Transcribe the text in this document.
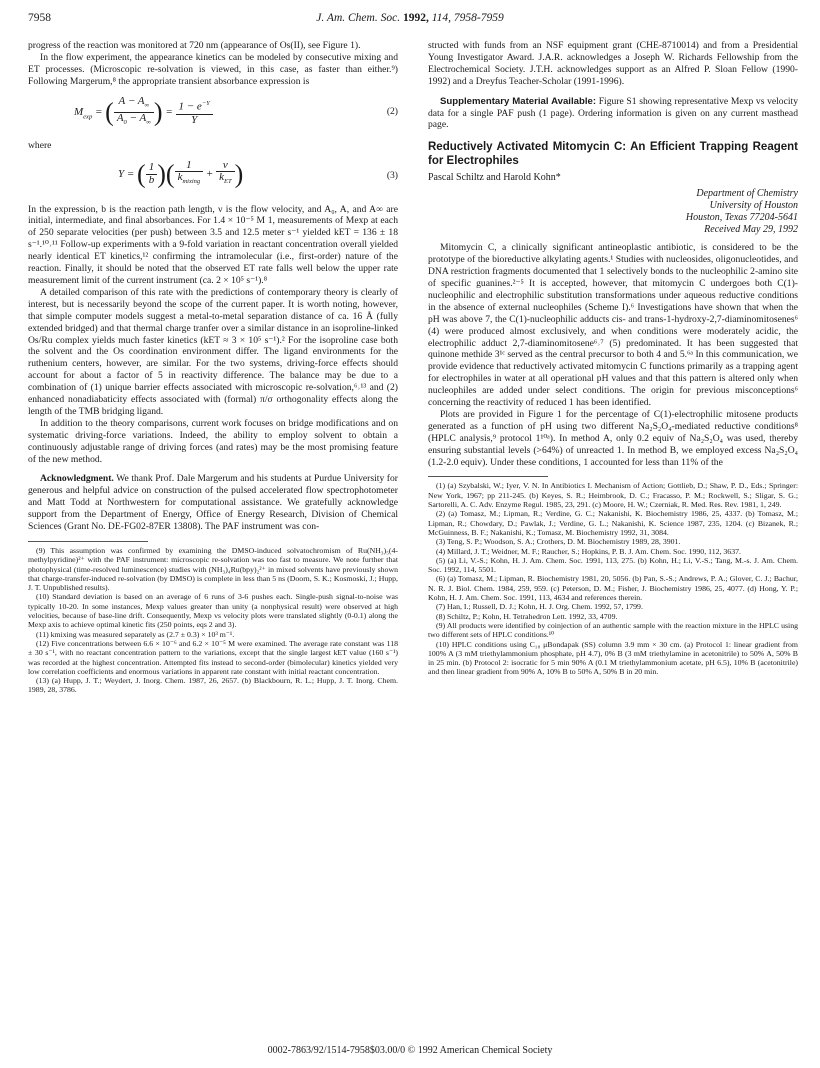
7958	J. Am. Chem. Soc. 1992, 114, 7958-7959

progress of the reaction was monitored at 720 nm (appearance of Os(II), see Figure 1).

In the flow experiment, the appearance kinetics can be modeled by consecutive mixing and ET processes. (Microscopic re-solvation is viewed, in this case, as faster than either.⁹) Following Margerum,⁸ the appropriate transient absorbance expression is

$M_{exp}$ = ( $\frac{A - A_\infty}{A_0 - A_\infty}$ ) = $\frac{1 - e^{-Y}}{Y}$	(2)

where

Y = ( $\frac{1}{b}$ )( $\frac{1}{k_{mixing}} + \frac{\nu}{k_{ET}}$ )	(3)

In the expression, b is the reaction path length, ν is the flow velocity, and A₀, A, and A∞ are initial, intermediate, and final absorbances. For 1.4 × 10⁻⁵ M 1, measurements of Mexp at each of 250 separate velocities (per push) between 3.5 and 12.5 meter s⁻¹ yielded kET = 136 ± 18 s⁻¹.¹⁰˒¹¹ Follow-up experiments with a 9-fold variation in reactant concentration overall yielded nearly identical ET kinetics,¹² confirming the intramolecular (i.e., first-order) nature of the reaction. Finally, it should be noted that the observed ET rate falls well below the upper rate measurement limit of the current instrument (ca. 2 × 10⁵ s⁻¹).⁸

A detailed comparison of this rate with the predictions of contemporary theory is clearly of interest, but is necessarily beyond the scope of the current paper. It is worth noting, however, that simple computer models suggest a metal-to-metal separation distance of ca. 16 Å (fully extended bridged) and that thermal charge tranfer over a similar distance in an isoproline-linked Os/Ru complex yields much faster kinetics (kET ≈ 3 × 10⁵ s⁻¹).² For the isoproline case both the solvent and the Os coordination environment differ. The ligand environments for the ruthenium centers, however, are similar. For the two systems, driving-force effects should account for about a factor of 5 in reactivity difference. The balance may be due to a combination of (1) unique barrier effects associated with microscopic re-solvation,⁶˒¹³ and (2) enhanced nonadiabaticity effects associated with (formal) π/σ orthogonality effects along the length of the TMB bridging ligand.

In addition to the theory comparisons, current work focuses on bridge modifications and on systematic driving-force variations. Indeed, the ability to employ solvent to obtain a continuously adjustable range of driving forces (and rates) may be the most promising feature of the new method.

Acknowledgment. We thank Prof. Dale Margerum and his students at Purdue University for generous and helpful advice on construction of the pulsed accelerated flow spectrophotometer and Matt Todd at Northwestern for computational assistance. We gratefully acknowledge support from the Department of Energy, Office of Energy Research, Division of Chemical Sciences (Grant No. DE-FG02-87ER 13808). The PAF instrument was con-

(9) This assumption was confirmed by examining the DMSO-induced solvatochromism of Ru(NH₃)₅(4-methylpyridine)²⁺ with the PAF instrument: microscopic re-solvation was too fast to measure. We note further that photophysical (time-resolved luminescence) studies with (NH₃)₄Ru(bpy)₂²⁺ in mixed solvents have previously shown that charge-transfer-induced re-solvation (by DMSO) is complete in less than 5 ns (Doorn, S. K.; Kosmoski, J.; Hupp, J. T. Unpublished results).

(10) Standard deviation is based on an average of 6 runs of 3-6 pushes each. Single-push signal-to-noise was typically 10-20. In some instances, Mexp values greater than unity (a nonphysical result) were observed at high velocities, because of base-line drift. Consequently, Mexp vs velocity plots were translated slightly (0-0.1) along the Mexp axis to achieve optimal kinetic fits (250 points, eqs 2 and 3).

(11) kmixing was measured separately as (2.7 ± 0.3) × 10³ m⁻¹.

(12) Five concentrations between 6.6 × 10⁻⁶ and 6.2 × 10⁻⁵ M were examined. The average rate constant was 118 ± 30 s⁻¹, with no reactant concentration pattern to the variations, except that the single largest kET value (160 s⁻¹) was recorded at the highest concentration. Attempted fits instead to second-order (bimolecular) kinetics yielded very low correlation coefficients and enormous variations in apparent rate constant with initial reactant concentration.

(13) (a) Hupp, J. T.; Weydert, J. Inorg. Chem. 1987, 26, 2657. (b) Blackbourn, R. L.; Hupp, J. T. Inorg. Chem. 1989, 28, 3786.

structed with funds from an NSF equipment grant (CHE-8710014) and from a Presidential Young Investigator Award. J.A.R. acknowledges a Joseph W. Richards Fellowship from the Electrochemical Society. J.T.H. acknowledges support as an Alfred P. Sloan Fellow (1990-1992) and a Dreyfus Teacher-Scholar (1991-1996).

Supplementary Material Available: Figure S1 showing representative Mexp vs velocity data for a single PAF push (1 page). Ordering information is given on any current masthead page.

Reductively Activated Mitomycin C: An Efficient Trapping Reagent for Electrophiles
Pascal Schiltz and Harold Kohn*
Department of Chemistry
University of Houston
Houston, Texas 77204-5641
Received May 29, 1992

Mitomycin C, a clinically significant antineoplastic antibiotic, is considered to be the prototype of the bioreductive alkylating agents.¹ Studies with nucleosides, oligonucleotides, and DNA restriction fragments documented that 1 selectively bonds to the nucleophilic 2-amino site of specific guanines.²⁻⁵ It is accepted, however, that mitomycin C undergoes both C(1)-nucleophilic and electrophilic substitution transformations under aqueous reductive conditions in the absence of external nucleophiles (Scheme I).⁶ Investigations have shown that when the pH was above 7, the C(1)-nucleophilic adducts cis- and trans-1-hydroxy-2,7-diaminomitosenes⁶ (4) were produced almost exclusively, and when conditions were moderately acidic, the electrophilic adduct 2,7-diaminomitosene⁶˒⁷ (5) predominated. It has been suggested that quinone methide 3¹ᶜ served as the central precursor to both 4 and 5.⁶ᵃ In this communication, we provide evidence that reductively activated mitomycin C functions primarily as a trapping agent for electrophiles in water at all operational pH values and that this pattern is altered only when nucleophiles are added under select conditions. The origin for previous misconceptions⁶ concerning the reactivity of reduced 1 has been identified.

Plots are provided in Figure 1 for the percentage of C(1)-electrophilic mitosene products generated as a function of pH using two different Na₂S₂O₄-mediated reductive conditions⁸ (HPLC analysis,⁹ protocol 1¹⁰ᵃ). In method A, only 0.2 equiv of Na₂S₂O₄ was used, thereby ensuring substantial levels (>64%) of unreacted 1. In method B, we employed excess Na₂S₂O₄ (1.2-2.0 equiv). Under these conditions, 1 accounted for less than 11% of the

(1) (a) Szybalski, W.; Iyer, V. N. In Antibiotics I. Mechanism of Action; Gottlieb, D.; Shaw, P. D., Eds.; Springer: New York, 1967; pp 211-245. (b) Keyes, S. R.; Heimbrook, D. C.; Fracasso, P. M.; Rockwell, S.; Sligar, S. G.; Sartorelli, A. C. Adv. Enzyme Regul. 1985, 23, 291. (c) Moore, H. W.; Czerniak, R. Med. Res. Rev. 1981, 1, 249.

(2) (a) Tomasz, M.; Lipman, R.; Verdine, G. C.; Nakanishi, K. Biochemistry 1986, 25, 4337. (b) Tomasz, M.; Lipman, R.; Chowdary, D.; Pawlak, J.; Verdine, G. L.; Nakanishi, K. Science 1987, 235, 1204. (c) Bizanek, R.; McGuinness, B. F.; Nakanishi, K.; Tomasz, M. Biochemistry 1992, 31, 3084.

(3) Teng, S. P.; Woodson, S. A.; Crothers, D. M. Biochemistry 1989, 28, 3901.

(4) Millard, J. T.; Weidner, M. F.; Raucher, S.; Hopkins, P. B. J. Am. Chem. Soc. 1990, 112, 3637.

(5) (a) Li, V.-S.; Kohn, H. J. Am. Chem. Soc. 1991, 113, 275. (b) Kohn, H.; Li, V.-S.; Tang, M.-s. J. Am. Chem. Soc. 1992, 114, 5501.

(6) (a) Tomasz, M.; Lipman, R. Biochemistry 1981, 20, 5056. (b) Pan, S.-S.; Andrews, P. A.; Glover, C. J.; Bachur, N. R. J. Biol. Chem. 1984, 259, 959. (c) Peterson, D. M.; Fisher, J. Biochemistry 1986, 25, 4077. (d) Hong, Y. P.; Kohn, H. J. Am. Chem. Soc. 1991, 113, 4634 and references therein.

(7) Han, I.; Russell, D. J.; Kohn, H. J. Org. Chem. 1992, 57, 1799.

(8) Schiltz, P.; Kohn, H. Tetrahedron Lett. 1992, 33, 4709.

(9) All products were identified by coinjection of an authentic sample with the reaction mixture in the HPLC using two different sets of HPLC conditions.¹⁰

(10) HPLC conditions using C₁₈ μBondapak (SS) column 3.9 mm × 30 cm. (a) Protocol 1: linear gradient from 100% A (3 mM triethylammonium phosphate, pH 4.7), 0% B (3 mM triethylamine in acetonitrile) to 50% A, 50% B in 25 min. (b) Protocol 2: isocratic for 5 min 90% A (0.1 M triethylammonium acetate, pH 6.5), 10% B (acetonitrile) and then linear gradient from 90% A, 10% B to 50% A, 50% B in 20 min.

0002-7863/92/1514-7958$03.00/0 © 1992 American Chemical Society
